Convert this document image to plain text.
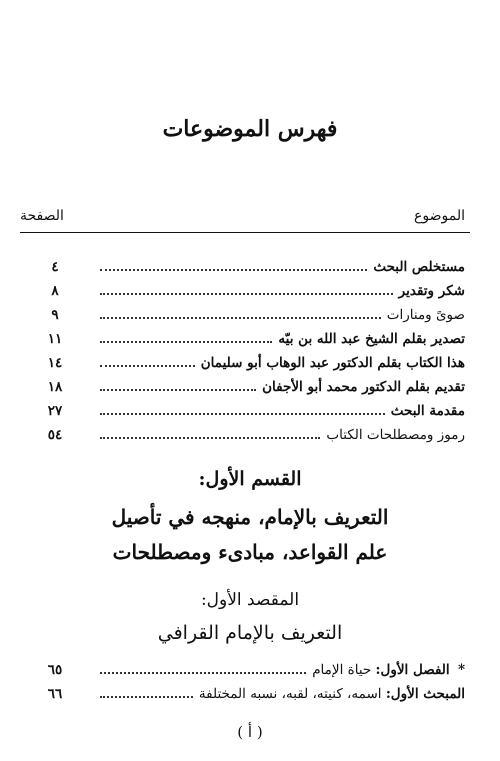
فهرس الموضوعات
الموضوع
الصفحة
مستخلص البحث
٤
شكر وتقدير
٨
صوىً ومنارات
٩
تصدير بقلم الشيخ عبد الله بن بيّه
١١
هذا الكتاب بقلم الدكتور عبد الوهاب أبو سليمان
١٤
تقديم بقلم الدكتور محمد أبو الأجفان
١٨
مقدمة البحث
٢٧
رموز ومصطلحات الكتاب
٥٤
القسم الأول:
التعريف بالإمام، منهجه في تأصيل
علم القواعد، مبادىء ومصطلحات
المقصد الأول:
التعريف بالإمام القرافي
* الفصل الأول: حياة الإمام
٦٥
المبحث الأول: اسمه، كنيته، لقبه، نسبه المختلفة
٦٦
( أ )
